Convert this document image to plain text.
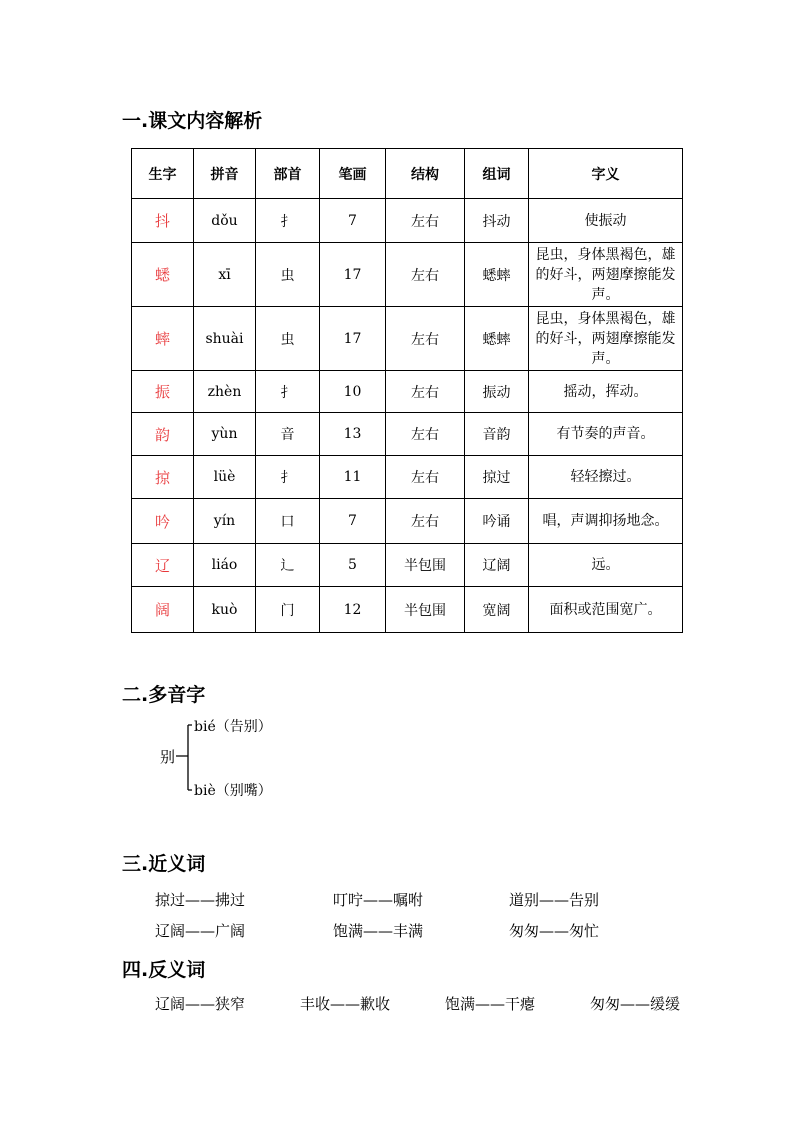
一.课文内容解析
生字	拼音	部首	笔画	结构	组词	字义
抖	dǒu	扌	7	左右	抖动	使振动
蟋	xī	虫	17	左右	蟋蟀	昆虫，身体黑褐色，雄的好斗，两翅摩擦能发声。
蟀	shuài	虫	17	左右	蟋蟀	昆虫，身体黑褐色，雄的好斗，两翅摩擦能发声。
振	zhèn	扌	10	左右	振动	摇动，挥动。
韵	yùn	音	13	左右	音韵	有节奏的声音。
掠	lüè	扌	11	左右	掠过	轻轻擦过。
吟	yín	口	7	左右	吟诵	唱，声调抑扬地念。
辽	liáo	辶	5	半包围	辽阔	远。
阔	kuò	门	12	半包围	宽阔	面积或范围宽广。
二.多音字
别
bié（告别）
biè（别嘴）
三.近义词
掠过——拂过	叮咛——嘱咐	道别——告别
辽阔——广阔	饱满——丰满	匆匆——匆忙
四.反义词
辽阔——狭窄	丰收——歉收	饱满——干瘪	匆匆——缓缓
